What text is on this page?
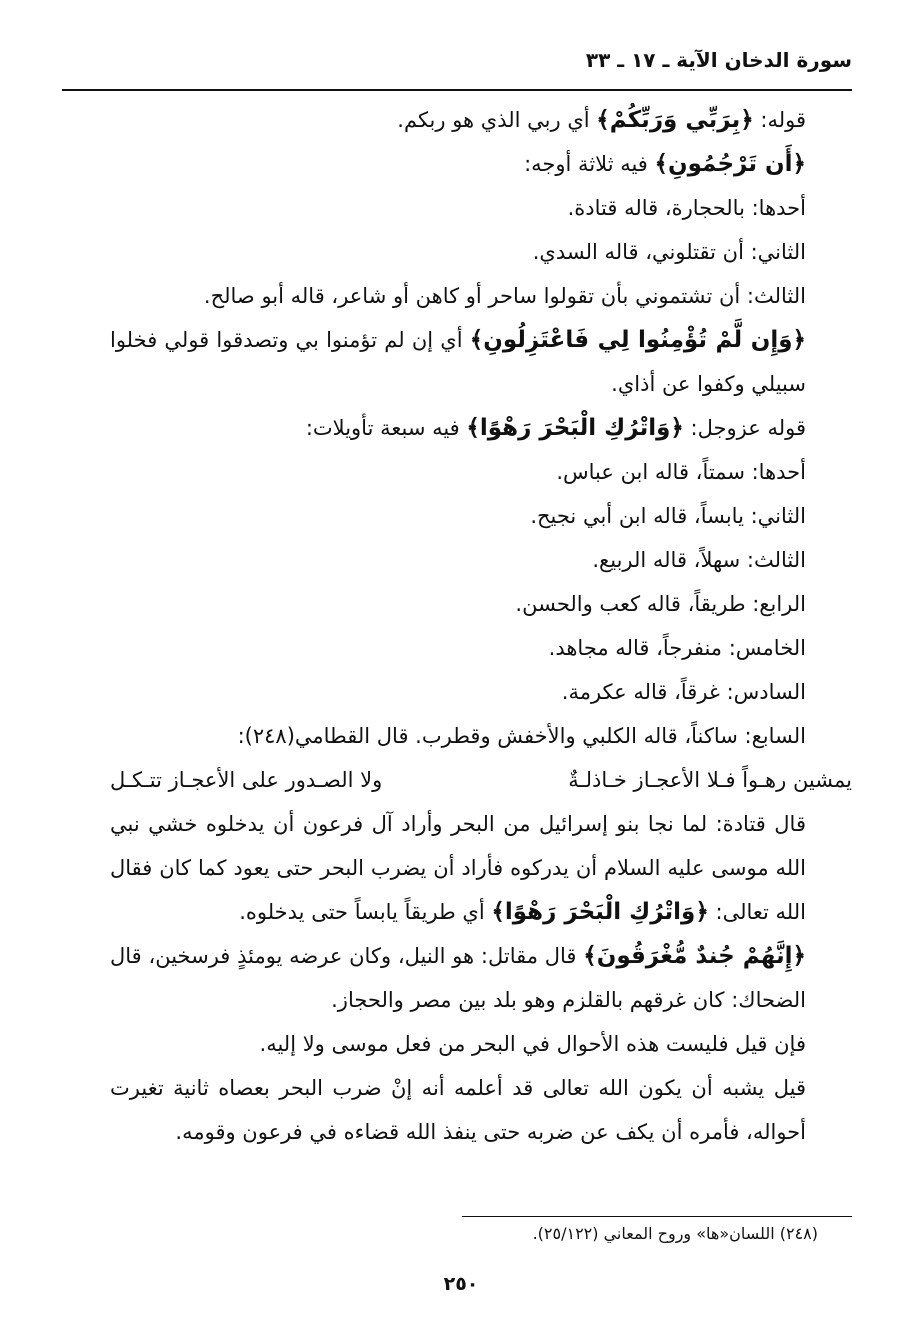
سورة الدخان الآية ـ ١٧ ـ ٣٣

قوله: ﴿بِرَبِّي وَرَبِّكُمْ﴾ أي ربي الذي هو ربكم.

﴿أَن تَرْجُمُونِ﴾ فيه ثلاثة أوجه:

أحدها: بالحجارة، قاله قتادة.

الثاني: أن تقتلوني، قاله السدي.

الثالث: أن تشتموني بأن تقولوا ساحر أو كاهن أو شاعر، قاله أبو صالح.

﴿وَإِن لَّمْ تُؤْمِنُوا لِي فَاعْتَزِلُونِ﴾ أي إن لم تؤمنوا بي وتصدقوا قولي فخلوا سبيلي وكفوا عن أذاي.

قوله عزوجل: ﴿وَاتْرُكِ الْبَحْرَ رَهْوًا﴾ فيه سبعة تأويلات:

أحدها: سمتاً، قاله ابن عباس.

الثاني: يابساً، قاله ابن أبي نجيح.

الثالث: سهلاً، قاله الربيع.

الرابع: طريقاً، قاله كعب والحسن.

الخامس: منفرجاً، قاله مجاهد.

السادس: غرقاً، قاله عكرمة.

السابع: ساكناً، قاله الكلبي والأخفش وقطرب. قال القطامي(٢٤٨):

يمشين رهـواً فـلا الأعجـاز خـاذلـةٌ
ولا الصـدور على الأعجـاز تتـكـل

قال قتادة: لما نجا بنو إسرائيل من البحر وأراد آل فرعون أن يدخلوه خشي نبي الله موسى عليه السلام أن يدركوه فأراد أن يضرب البحر حتى يعود كما كان فقال الله تعالى: ﴿وَاتْرُكِ الْبَحْرَ رَهْوًا﴾ أي طريقاً يابساً حتى يدخلوه.

﴿إِنَّهُمْ جُندٌ مُّغْرَقُونَ﴾ قال مقاتل: هو النيل، وكان عرضه يومئذٍ فرسخين، قال الضحاك: كان غرقهم بالقلزم وهو بلد بين مصر والحجاز.

فإن قيل فليست هذه الأحوال في البحر من فعل موسى ولا إليه.

قيل يشبه أن يكون الله تعالى قد أعلمه أنه إنْ ضرب البحر بعصاه ثانية تغيرت أحواله، فأمره أن يكف عن ضربه حتى ينفذ الله قضاءه في فرعون وقومه.

(٢٤٨) اللسان«ها» وروح المعاني (٢٥/١٢٢).
٢٥٠
